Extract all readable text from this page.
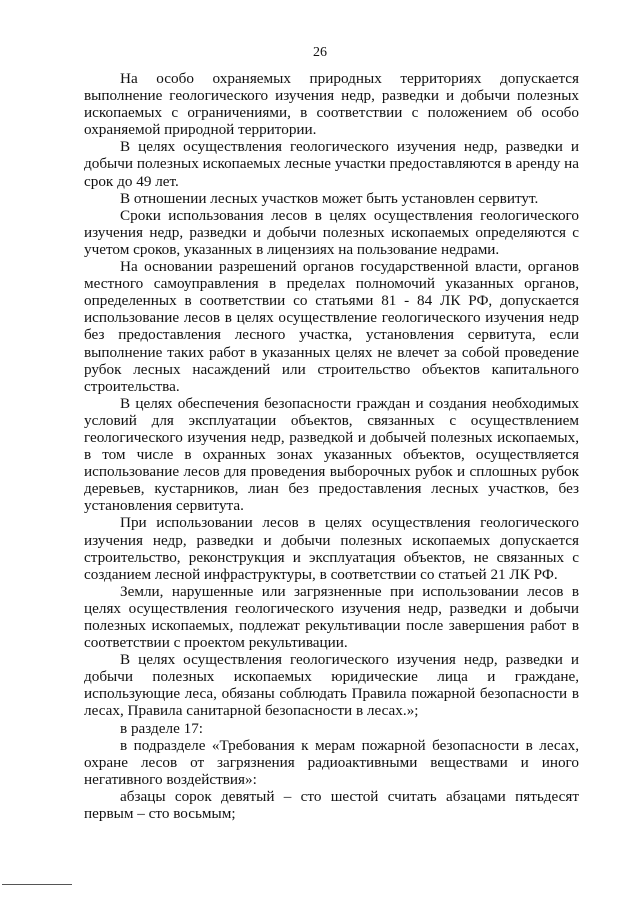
26

На особо охраняемых природных территориях допускается выполнение геологического изучения недр, разведки и добычи полезных ископаемых с ограничениями, в соответствии с положением об особо охраняемой природной территории.

В целях осуществления геологического изучения недр, разведки и добычи полезных ископаемых лесные участки предоставляются в аренду на срок до 49 лет.

В отношении лесных участков может быть установлен сервитут.

Сроки использования лесов в целях осуществления геологического изучения недр, разведки и добычи полезных ископаемых определяются с учетом сроков, указанных в лицензиях на пользование недрами.

На основании разрешений органов государственной власти, органов местного самоуправления в пределах полномочий указанных органов, определенных в соответствии со статьями 81 - 84 ЛК РФ, допускается использование лесов в целях осуществление геологического изучения недр без предоставления лесного участка, установления сервитута, если выполнение таких работ в указанных целях не влечет за собой проведение рубок лесных насаждений или строительство объектов капитального строительства.

В целях обеспечения безопасности граждан и создания необходимых условий для эксплуатации объектов, связанных с осуществлением геологического изучения недр, разведкой и добычей полезных ископаемых, в том числе в охранных зонах указанных объектов, осуществляется использование лесов для проведения выборочных рубок и сплошных рубок деревьев, кустарников, лиан без предоставления лесных участков, без установления сервитута.

При использовании лесов в целях осуществления геологического изучения недр, разведки и добычи полезных ископаемых допускается строительство, реконструкция и эксплуатация объектов, не связанных с созданием лесной инфраструктуры, в соответствии со статьей 21 ЛК РФ.

Земли, нарушенные или загрязненные при использовании лесов в целях осуществления геологического изучения недр, разведки и добычи полезных ископаемых, подлежат рекультивации после завершения работ в соответствии с проектом рекультивации.

В целях осуществления геологического изучения недр, разведки и добычи полезных ископаемых юридические лица и граждане, использующие леса, обязаны соблюдать Правила пожарной безопасности в лесах, Правила санитарной безопасности в лесах.»;

в разделе 17:

в подразделе «Требования к мерам пожарной безопасности в лесах, охране лесов от загрязнения радиоактивными веществами и иного негативного воздействия»:

абзацы сорок девятый – сто шестой считать абзацами пятьдесят первым – сто восьмым;
